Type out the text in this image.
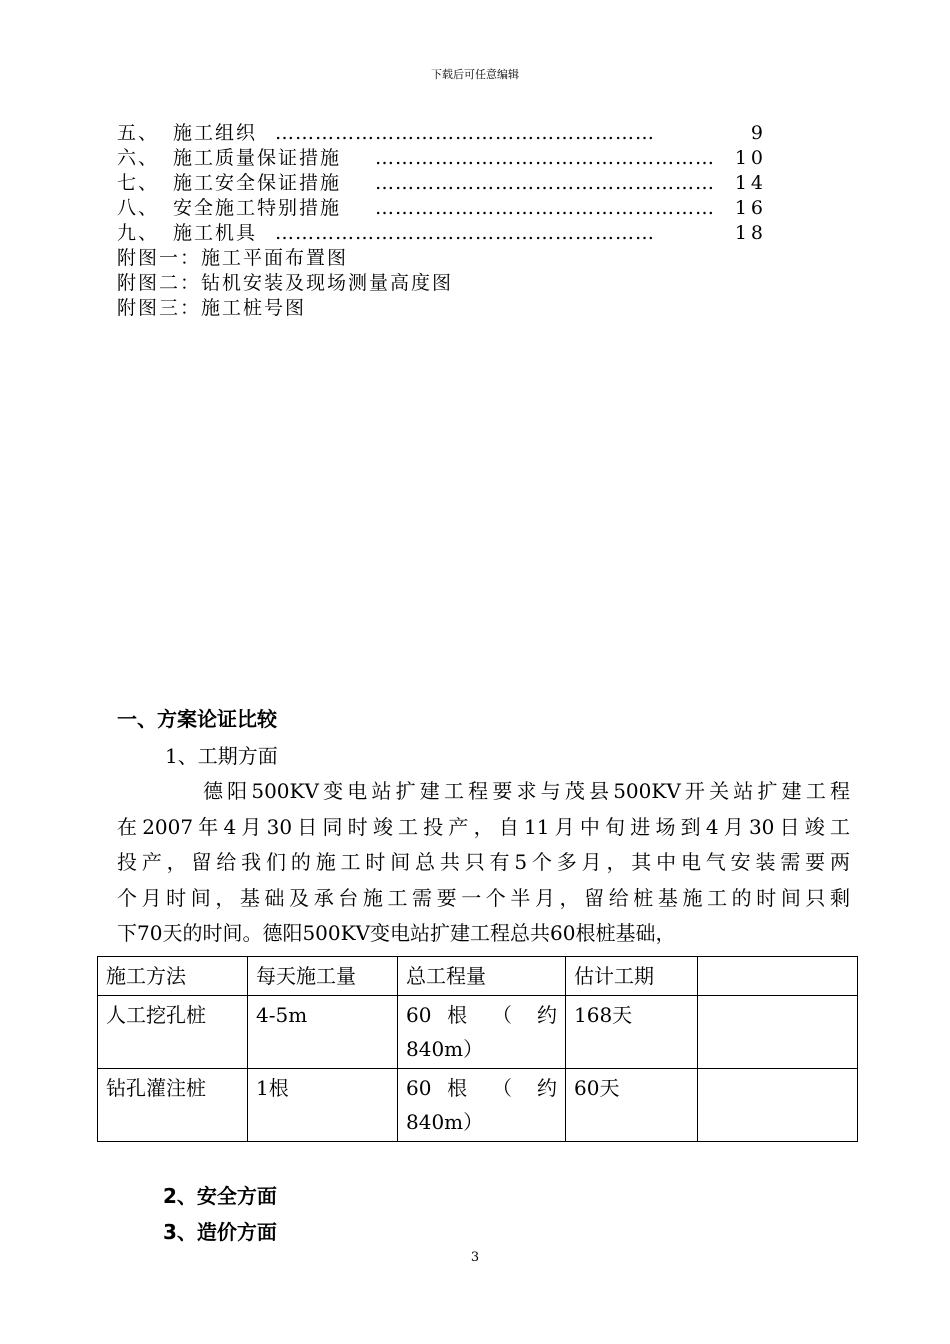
下载后可任意编辑
五、 施工组织 …………………………………………………	9
六、 施工质量保证措施 …………………………………………… 10
七、 施工安全保证措施 …………………………………………… 14
八、 安全施工特别措施 …………………………………………… 16
九、 施工机具 …………………………………………………	18
附图一：施工平面布置图
附图二：钻机安装及现场测量高度图
附图三：施工桩号图
一、方案论证比较
1、工期方面
德阳500KV变电站扩建工程要求与茂县500KV开关站扩建工程
在2007年4月30日同时竣工投产，自11月中旬进场到4月30日竣工
投产，留给我们的施工时间总共只有5个多月，其中电气安装需要两
个月时间，基础及承台施工需要一个半月，留给桩基施工的时间只剩
下70天的时间。德阳500KV变电站扩建工程总共60根桩基础，
施工方法	每天施工量	总工程量	估计工期	
人工挖孔桩	4-5m	60 根 （ 约
840m）	168天	
钻孔灌注桩	1根	60 根 （ 约
840m）	60天	
2、安全方面
3、造价方面
3
